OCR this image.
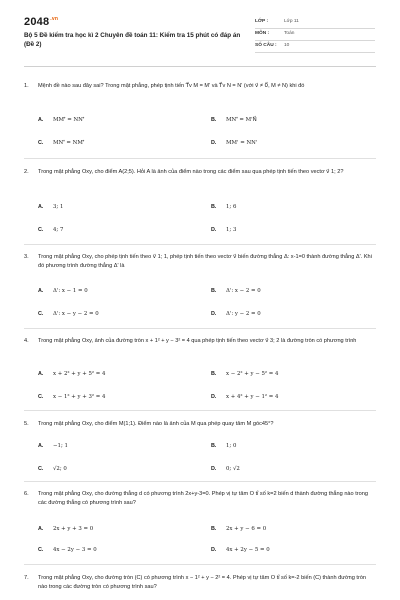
$2048^{.vn}$
Bộ 5 Đề kiểm tra học kì 2 Chuyên đề toán 11: Kiểm tra 15 phút có đáp án (Đề 2)
LỚP :	Lớp 11
MÔN :	Toán
SỐ CÂU : 10
1.	Mệnh đề nào sau đây sai? Trong mặt phẳng, phép tịnh tiến T⃗v M = M' và T⃗v N = N' (với v⃗ ≠ 0⃗, M ≠ N) khi đó
A. MM'⃗ = NN'⃗	B. MN'⃗ = M'N⃗
C. MN'⃗ = NM'⃗	D. MM' = NN'
2.	Trong mặt phẳng Oxy, cho điểm A(2;5). Hỏi A là ảnh của điểm nào trong các điểm sau qua phép tịnh tiến theo vectơ v⃗ 1; 2?
A. 3; 1	B. 1; 6
C. 4; 7	D. 1; 3
3.	Trong mặt phẳng Oxy, cho phép tịnh tiến theo v⃗ 1; 1, phép tịnh tiến theo vectơ v⃗ biến đường thẳng Δ: x-1=0 thành đường thẳng Δ'. Khi đó phương trình đường thẳng Δ' là
A. Δ': x − 1 = 0	B. Δ': x − 2 = 0
C. Δ': x − y − 2 = 0	D. Δ': y − 2 = 0
4.	Trong mặt phẳng Oxy, ảnh của đường tròn x + 1² + y − 3² = 4 qua phép tịnh tiến theo vectơ v⃗ 3; 2 là đường tròn có phương trình
A. x + 2² + y + 5² = 4	B. x − 2² + y − 5² = 4
C. x − 1² + y + 3² = 4	D. x + 4² + y − 1² = 4
5.	Trong mặt phẳng Oxy, cho điểm M(1;1). Điểm nào là ảnh của M qua phép quay tâm M góc45°?
A. −1; 1	B. 1; 0
C. √2; 0	D. 0; √2
6.	Trong mặt phẳng Oxy, cho đường thẳng d có phương trình 2x+y-3=0. Phép vị tự tâm O tỉ số k=2 biến d thành đường thẳng nào trong các đường thẳng có phương trình sau?
A. 2x + y + 3 = 0	B. 2x + y − 6 = 0
C. 4x − 2y − 3 = 0	D. 4x + 2y − 5 = 0
7.	Trong mặt phẳng Oxy, cho đường tròn (C) có phương trình x − 1² + y − 2² = 4. Phép vị tự tâm O tỉ số k=-2 biến (C) thành đường tròn nào trong các đường tròn có phương trình sau?
